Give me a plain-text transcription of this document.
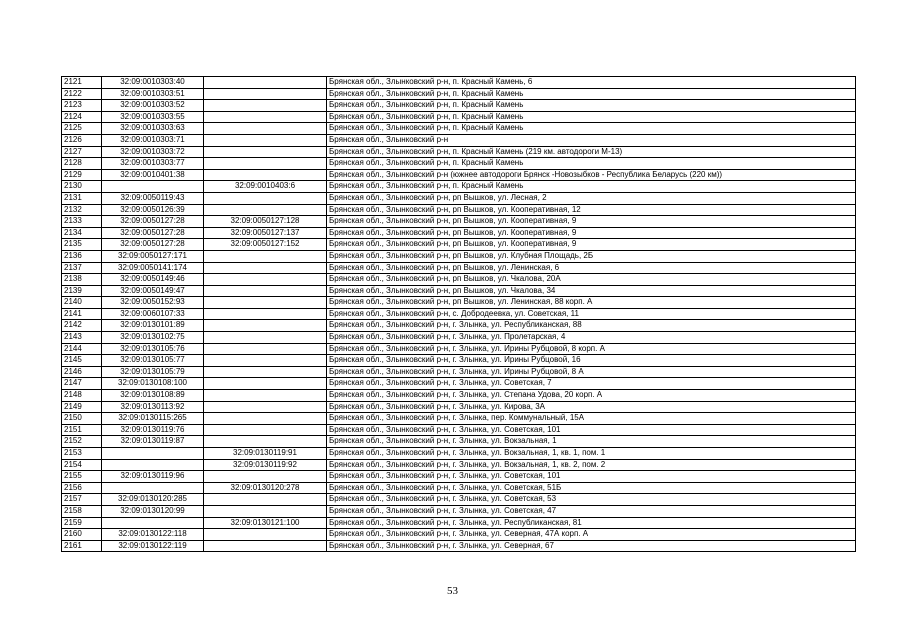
2121	32:09:0010303:40		Брянская обл., Злынковский р-н, п. Красный Камень, 6
2122	32:09:0010303:51		Брянская обл., Злынковский р-н, п. Красный Камень
2123	32:09:0010303:52		Брянская обл., Злынковский р-н, п. Красный Камень
2124	32:09:0010303:55		Брянская обл., Злынковский р-н, п. Красный Камень
2125	32:09:0010303:63		Брянская обл., Злынковский р-н, п. Красный Камень
2126	32:09:0010303:71		Брянская обл., Злынковский р-н
2127	32:09:0010303:72		Брянская обл., Злынковский р-н, п. Красный Камень (219 км. автодороги М-13)
2128	32:09:0010303:77		Брянская обл., Злынковский р-н, п. Красный Камень
2129	32:09:0010401:38		Брянская обл., Злынковский р-н (южнее автодороги Брянск -Новозыбков - Республика Беларусь (220 км))
2130		32:09:0010403:6	Брянская обл., Злынковский р-н, п. Красный Камень
2131	32:09:0050119:43		Брянская обл., Злынковский р-н, рп Вышков, ул. Лесная, 2
2132	32:09:0050126:39		Брянская обл., Злынковский р-н, рп Вышков, ул. Кооперативная, 12
2133	32:09:0050127:28	32:09:0050127:128	Брянская обл., Злынковский р-н, рп Вышков, ул. Кооперативная, 9
2134	32:09:0050127:28	32:09:0050127:137	Брянская обл., Злынковский р-н, рп Вышков, ул. Кооперативная, 9
2135	32:09:0050127:28	32:09:0050127:152	Брянская обл., Злынковский р-н, рп Вышков, ул. Кооперативная, 9
2136	32:09:0050127:171		Брянская обл., Злынковский р-н, рп Вышков, ул. Клубная Площадь, 2Б
2137	32:09:0050141:174		Брянская обл., Злынковский р-н, рп Вышков, ул. Ленинская, 6
2138	32:09:0050149:46		Брянская обл., Злынковский р-н, рп Вышков, ул. Чкалова, 20А
2139	32:09:0050149:47		Брянская обл., Злынковский р-н, рп Вышков, ул. Чкалова, 34
2140	32:09:0050152:93		Брянская обл., Злынковский р-н, рп Вышков, ул. Ленинская, 88 корп. А
2141	32:09:0060107:33		Брянская обл., Злынковский р-н, с. Добродеевка, ул. Советская, 11
2142	32:09:0130101:89		Брянская обл., Злынковский р-н, г. Злынка, ул. Республиканская, 88
2143	32:09:0130102:75		Брянская обл., Злынковский р-н, г. Злынка, ул. Пролетарская, 4
2144	32:09:0130105:76		Брянская обл., Злынковский р-н, г. Злынка, ул. Ирины Рубцовой, 8 корп. А
2145	32:09:0130105:77		Брянская обл., Злынковский р-н, г. Злынка, ул. Ирины Рубцовой, 16
2146	32:09:0130105:79		Брянская обл., Злынковский р-н, г. Злынка, ул. Ирины Рубцовой, 8 А
2147	32:09:0130108:100		Брянская обл., Злынковский р-н, г. Злынка, ул. Советская, 7
2148	32:09:0130108:89		Брянская обл., Злынковский р-н, г. Злынка, ул. Степана Удова, 20 корп. А
2149	32:09:0130113:92		Брянская обл., Злынковский р-н, г. Злынка, ул. Кирова, 3А
2150	32:09:0130115:265		Брянская обл., Злынковский р-н, г. Злынка, пер. Коммунальный, 15А
2151	32:09:0130119:76		Брянская обл., Злынковский р-н, г. Злынка, ул. Советская, 101
2152	32:09:0130119:87		Брянская обл., Злынковский р-н, г. Злынка, ул. Вокзальная, 1
2153		32:09:0130119:91	Брянская обл., Злынковский р-н, г. Злынка, ул. Вокзальная, 1, кв. 1, пом. 1
2154		32:09:0130119:92	Брянская обл., Злынковский р-н, г. Злынка, ул. Вокзальная, 1, кв. 2, пом. 2
2155	32:09:0130119:96		Брянская обл., Злынковский р-н, г. Злынка, ул. Советская, 101
2156		32:09:0130120:278	Брянская обл., Злынковский р-н, г. Злынка, ул. Советская, 51Б
2157	32:09:0130120:285		Брянская обл., Злынковский р-н, г. Злынка, ул. Советская, 53
2158	32:09:0130120:99		Брянская обл., Злынковский р-н, г. Злынка, ул. Советская, 47
2159		32:09:0130121:100	Брянская обл., Злынковский р-н, г. Злынка, ул. Республиканская, 81
2160	32:09:0130122:118		Брянская обл., Злынковский р-н, г. Злынка, ул. Северная, 47А корп. А
2161	32:09:0130122:119		Брянская обл., Злынковский р-н, г. Злынка, ул. Северная, 67
53
